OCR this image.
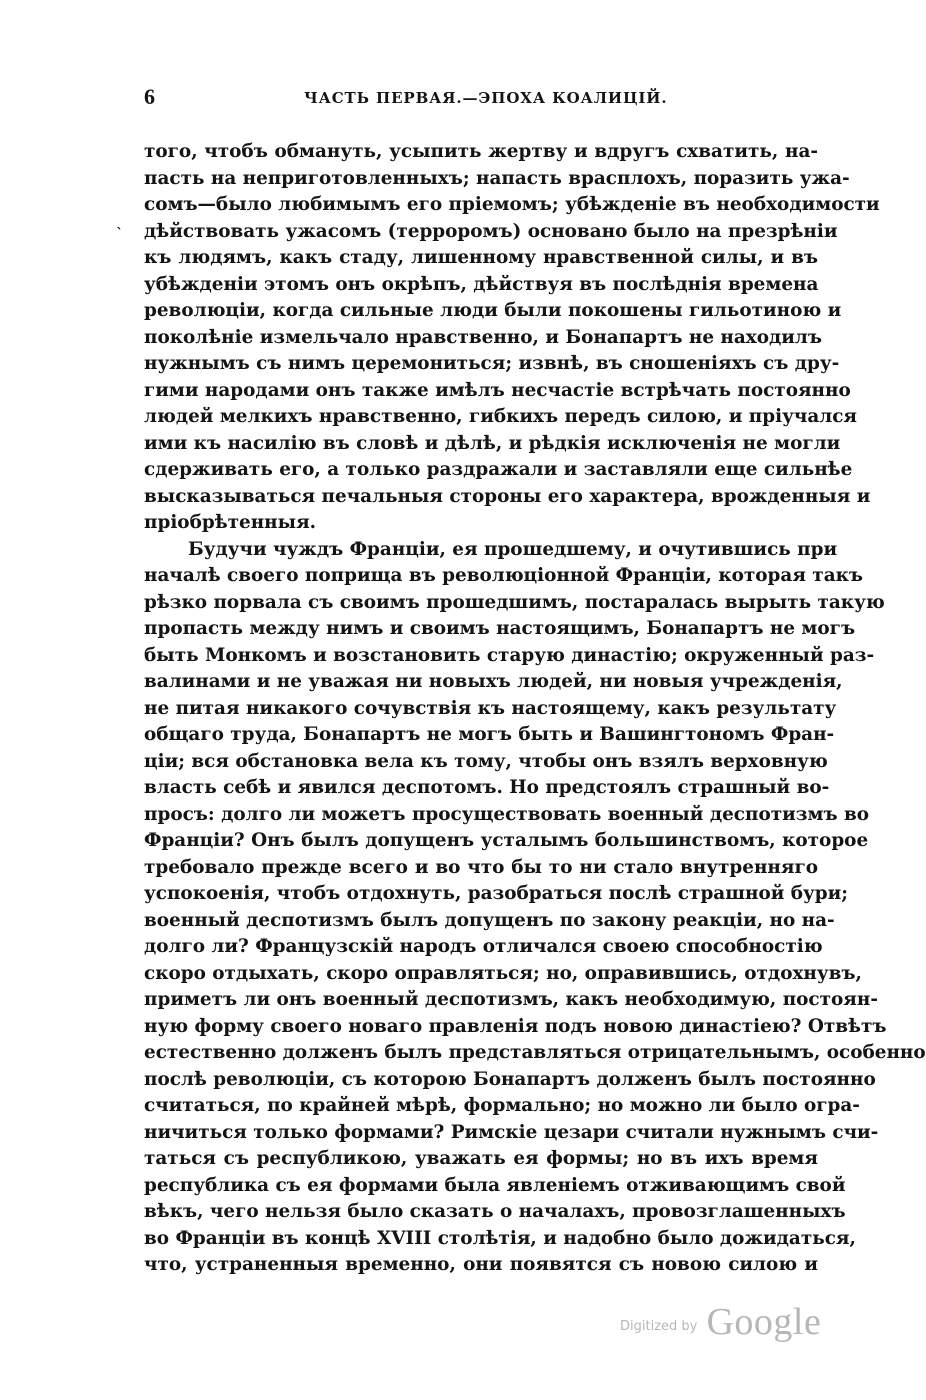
6	ЧАСТЬ ПЕРВАЯ.—ЭПОХА КОАЛИЦІЙ.
`
того, чтобъ обмануть, усыпить жертву и вдругъ схватить, на-
пасть на неприготовленныхъ; напасть врасплохъ, поразить ужа-
сомъ—было любимымъ его пріемомъ; убѣжденіе въ необходимости
дѣйствовать ужасомъ (терроромъ) основано было на презрѣніи
къ людямъ, какъ стаду, лишенному нравственной силы, и въ
убѣжденіи этомъ онъ окрѣпъ, дѣйствуя въ послѣднія времена
революціи, когда сильные люди были покошены гильотиною и
поколѣніе измельчало нравственно, и Бонапартъ не находилъ
нужнымъ съ нимъ церемониться; извнѣ, въ сношеніяхъ съ дру-
гими народами онъ также имѣлъ несчастіе встрѣчать постоянно
людей мелкихъ нравственно, гибкихъ передъ силою, и пріучался
ими къ насилію въ словѣ и дѣлѣ, и рѣдкія исключенія не могли
сдерживать его, а только раздражали и заставляли еще сильнѣе
высказываться печальныя стороны его характера, врожденныя и
пріобрѣтенныя.
Будучи чуждъ Франціи, ея прошедшему, и очутившись при
началѣ своего поприща въ революціонной Франціи, которая такъ
рѣзко порвала съ своимъ прошедшимъ, постаралась вырыть такую
пропасть между нимъ и своимъ настоящимъ, Бонапартъ не могъ
быть Монкомъ и возстановить старую династію; окруженный раз-
валинами и не уважая ни новыхъ людей, ни новыя учрежденія,
не питая никакого сочувствія къ настоящему, какъ результату
общаго труда, Бонапартъ не могъ быть и Вашингтономъ Фран-
ціи; вся обстановка вела къ тому, чтобы онъ взялъ верховную
власть себѣ и явился деспотомъ. Но предстоялъ страшный во-
просъ: долго ли можетъ просуществовать военный деспотизмъ во
Франціи? Онъ былъ допущенъ усталымъ большинствомъ, которое
требовало прежде всего и во что бы то ни стало внутренняго
успокоенія, чтобъ отдохнуть, разобраться послѣ страшной бури;
военный деспотизмъ былъ допущенъ по закону реакціи, но на-
долго ли? Французскій народъ отличался своею способностію
скоро отдыхать, скоро оправляться; но, оправившись, отдохнувъ,
приметъ ли онъ военный деспотизмъ, какъ необходимую, постоян-
ную форму своего новаго правленія подъ новою династіею? Отвѣтъ
естественно долженъ былъ представляться отрицательнымъ, особенно
послѣ революціи, съ которою Бонапартъ долженъ былъ постоянно
считаться, по крайней мѣрѣ, формально; но можно ли было огра-
ничиться только формами? Римскіе цезари считали нужнымъ счи-
таться съ республикою, уважать ея формы; но въ ихъ время
республика съ ея формами была явленіемъ отживающимъ свой
вѣкъ, чего нельзя было сказать о началахъ, провозглашенныхъ
во Франціи въ концѣ XVIII столѣтія, и надобно было дожидаться,
что, устраненныя временно, они появятся съ новою силою и
$^{Digitized by}$ Google
